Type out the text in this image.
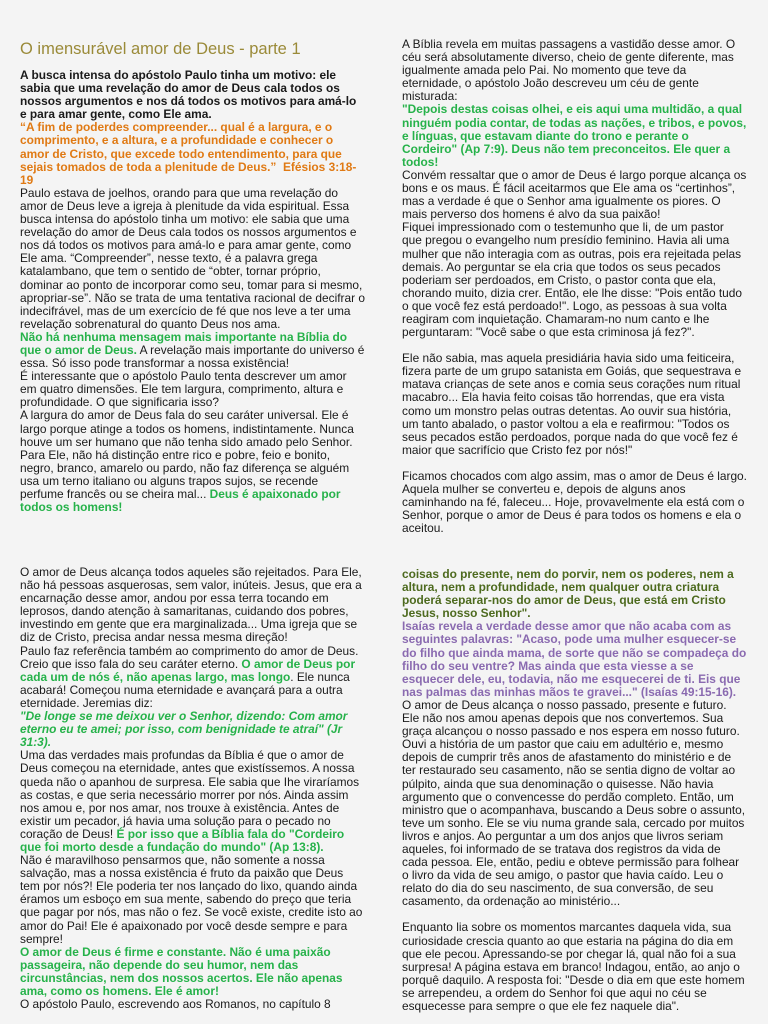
O imensurável amor de Deus - parte 1

A busca intensa do apóstolo Paulo tinha um motivo: ele sabia que uma revelação do amor de Deus cala todos os nossos argumentos e nos dá todos os motivos para amá-lo e para amar gente, como Ele ama.

“A fim de poderdes compreender... qual é a largura, e o comprimento, e a altura, e a profundidade e conhecer o amor de Cristo, que excede todo entendimento, para que sejais tomados de toda a plenitude de Deus.” Efésios 3:18-19

Paulo estava de joelhos, orando para que uma revelação do amor de Deus leve a igreja à plenitude da vida espiritual. Essa busca intensa do apóstolo tinha um motivo: ele sabia que uma revelação do amor de Deus cala todos os nossos argumentos e nos dá todos os motivos para amá-lo e para amar gente, como Ele ama. “Compreender”, nesse texto, é a palavra grega katalambano, que tem o sentido de “obter, tornar próprio, dominar ao ponto de incorporar como seu, tomar para si mesmo, apropriar-se”. Não se trata de uma tentativa racional de decifrar o indecifrável, mas de um exercício de fé que nos leve a ter uma revelação sobrenatural do quanto Deus nos ama.

Não há nenhuma mensagem mais importante na Bíblia do que o amor de Deus. A revelação mais importante do universo é essa. Só isso pode transformar a nossa existência!

É interessante que o apóstolo Paulo tenta descrever um amor em quatro dimensões. Ele tem largura, comprimento, altura e profundidade. O que significaria isso?

A largura do amor de Deus fala do seu caráter universal. Ele é largo porque atinge a todos os homens, indistintamente. Nunca houve um ser humano que não tenha sido amado pelo Senhor. Para Ele, não há distinção entre rico e pobre, feio e bonito, negro, branco, amarelo ou pardo, não faz diferença se alguém usa um terno italiano ou alguns trapos sujos, se recende perfume francês ou se cheira mal... Deus é apaixonado por todos os homens!

A Bíblia revela em muitas passagens a vastidão desse amor. O céu será absolutamente diverso, cheio de gente diferente, mas igualmente amada pelo Pai. No momento que teve da eternidade, o apóstolo João descreveu um céu de gente misturada:

"Depois destas coisas olhei, e eis aqui uma multidão, a qual ninguém podia contar, de todas as nações, e tribos, e povos, e línguas, que estavam diante do trono e perante o Cordeiro" (Ap 7:9). Deus não tem preconceitos. Ele quer a todos!

Convém ressaltar que o amor de Deus é largo porque alcança os bons e os maus. É fácil aceitarmos que Ele ama os “certinhos”, mas a verdade é que o Senhor ama igualmente os piores. O mais perverso dos homens é alvo da sua paixão!

Fiquei impressionado com o testemunho que li, de um pastor que pregou o evangelho num presídio feminino. Havia ali uma mulher que não interagia com as outras, pois era rejeitada pelas demais. Ao perguntar se ela cria que todos os seus pecados poderiam ser perdoados, em Cristo, o pastor conta que ela, chorando muito, dizia crer. Então, ele lhe disse: "Pois então tudo o que você fez está perdoado!". Logo, as pessoas à sua volta reagiram com inquietação. Chamaram-no num canto e lhe perguntaram: "Você sabe o que esta criminosa já fez?".

Ele não sabia, mas aquela presidiária havia sido uma feiticeira, fizera parte de um grupo satanista em Goiás, que sequestrava e matava crianças de sete anos e comia seus corações num ritual macabro... Ela havia feito coisas tão horrendas, que era vista como um monstro pelas outras detentas. Ao ouvir sua história, um tanto abalado, o pastor voltou a ela e reafirmou: "Todos os seus pecados estão perdoados, porque nada do que você fez é maior que sacrifício que Cristo fez por nós!"

Ficamos chocados com algo assim, mas o amor de Deus é largo. Aquela mulher se converteu e, depois de alguns anos caminhando na fé, faleceu... Hoje, provavelmente ela está com o Senhor, porque o amor de Deus é para todos os homens e ela o aceitou.

O amor de Deus alcança todos aqueles são rejeitados. Para Ele, não há pessoas asquerosas, sem valor, inúteis. Jesus, que era a encarnação desse amor, andou por essa terra tocando em leprosos, dando atenção à samaritanas, cuidando dos pobres, investindo em gente que era marginalizada... Uma igreja que se diz de Cristo, precisa andar nessa mesma direção!

Paulo faz referência também ao comprimento do amor de Deus. Creio que isso fala do seu caráter eterno. O amor de Deus por cada um de nós é, não apenas largo, mas longo. Ele nunca acabará! Começou numa eternidade e avançará para a outra eternidade. Jeremias diz:

"De longe se me deixou ver o Senhor, dizendo: Com amor eterno eu te amei; por isso, com benignidade te atraí" (Jr 31:3).

Uma das verdades mais profundas da Bíblia é que o amor de Deus começou na eternidade, antes que existíssemos. A nossa queda não o apanhou de surpresa. Ele sabia que Ihe viraríamos as costas, e que seria necessário morrer por nós. Ainda assim nos amou e, por nos amar, nos trouxe à existência. Antes de existir um pecador, já havia uma solução para o pecado no coração de Deus! É por isso que a Bíblia fala do "Cordeiro que foi morto desde a fundação do mundo" (Ap 13:8).

Não é maravilhoso pensarmos que, não somente a nossa salvação, mas a nossa existência é fruto da paixão que Deus tem por nós?! Ele poderia ter nos lançado do lixo, quando ainda éramos um esboço em sua mente, sabendo do preço que teria que pagar por nós, mas não o fez. Se você existe, credite isto ao amor do Pai! Ele é apaixonado por você desde sempre e para sempre!

O amor de Deus é firme e constante. Não é uma paixão passageira, não depende do seu humor, nem das circunstâncias, nem dos nossos acertos. Ele não apenas ama, como os homens. Ele é amor!

O apóstolo Paulo, escrevendo aos Romanos, no capítulo 8

coisas do presente, nem do porvir, nem os poderes, nem a altura, nem a profundidade, nem qualquer outra criatura poderá separar-nos do amor de Deus, que está em Cristo Jesus, nosso Senhor".

Isaías revela a verdade desse amor que não acaba com as seguintes palavras: "Acaso, pode uma mulher esquecer-se do filho que ainda mama, de sorte que não se compadeça do filho do seu ventre? Mas ainda que esta viesse a se esquecer dele, eu, todavia, não me esquecerei de ti. Eis que nas palmas das minhas mãos te gravei..." (Isaías 49:15-16).

O amor de Deus alcança o nosso passado, presente e futuro. Ele não nos amou apenas depois que nos convertemos. Sua graça alcançou o nosso passado e nos espera em nosso futuro.

Ouvi a história de um pastor que caiu em adultério e, mesmo depois de cumprir três anos de afastamento do ministério e de ter restaurado seu casamento, não se sentia digno de voltar ao púlpito, ainda que sua denominação o quisesse. Não havia argumento que o convencesse do perdão completo. Então, um ministro que o acompanhava, buscando a Deus sobre o assunto, teve um sonho. Ele se viu numa grande sala, cercado por muitos livros e anjos. Ao perguntar a um dos anjos que livros seriam aqueles, foi informado de se tratava dos registros da vida de cada pessoa. Ele, então, pediu e obteve permissão para folhear o livro da vida de seu amigo, o pastor que havia caído. Leu o relato do dia do seu nascimento, de sua conversão, de seu casamento, da ordenação ao ministério...

Enquanto lia sobre os momentos marcantes daquela vida, sua curiosidade crescia quanto ao que estaria na página do dia em que ele pecou. Apressando-se por chegar lá, qual não foi a sua surpresa! A página estava em branco! Indagou, então, ao anjo o porquê daquilo. A resposta foi: "Desde o dia em que este homem se arrependeu, a ordem do Senhor foi que aqui no céu se esquecesse para sempre o que ele fez naquele dia".
